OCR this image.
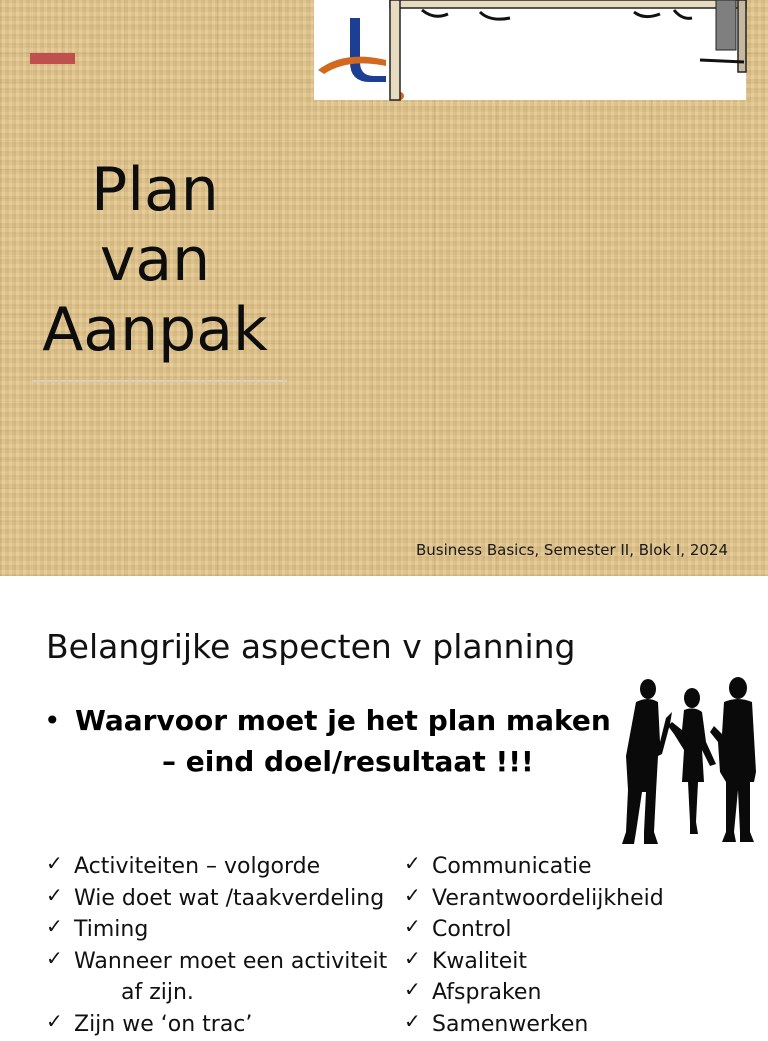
Plan
van
Aanpak
Business Basics, Semester II, Blok I, 2024
Belangrijke aspecten v planning
• Waarvoor moet je het plan maken
– eind doel/resultaat !!!
✓ Activiteiten – volgorde
✓ Wie doet wat /taakverdeling
✓ Timing
✓ Wanneer moet een activiteit
af zijn.
✓ Zijn we ‘on trac’
✓ Communicatie
✓ Verantwoordelijkheid
✓ Control
✓ Kwaliteit
✓ Afspraken
✓ Samenwerken
